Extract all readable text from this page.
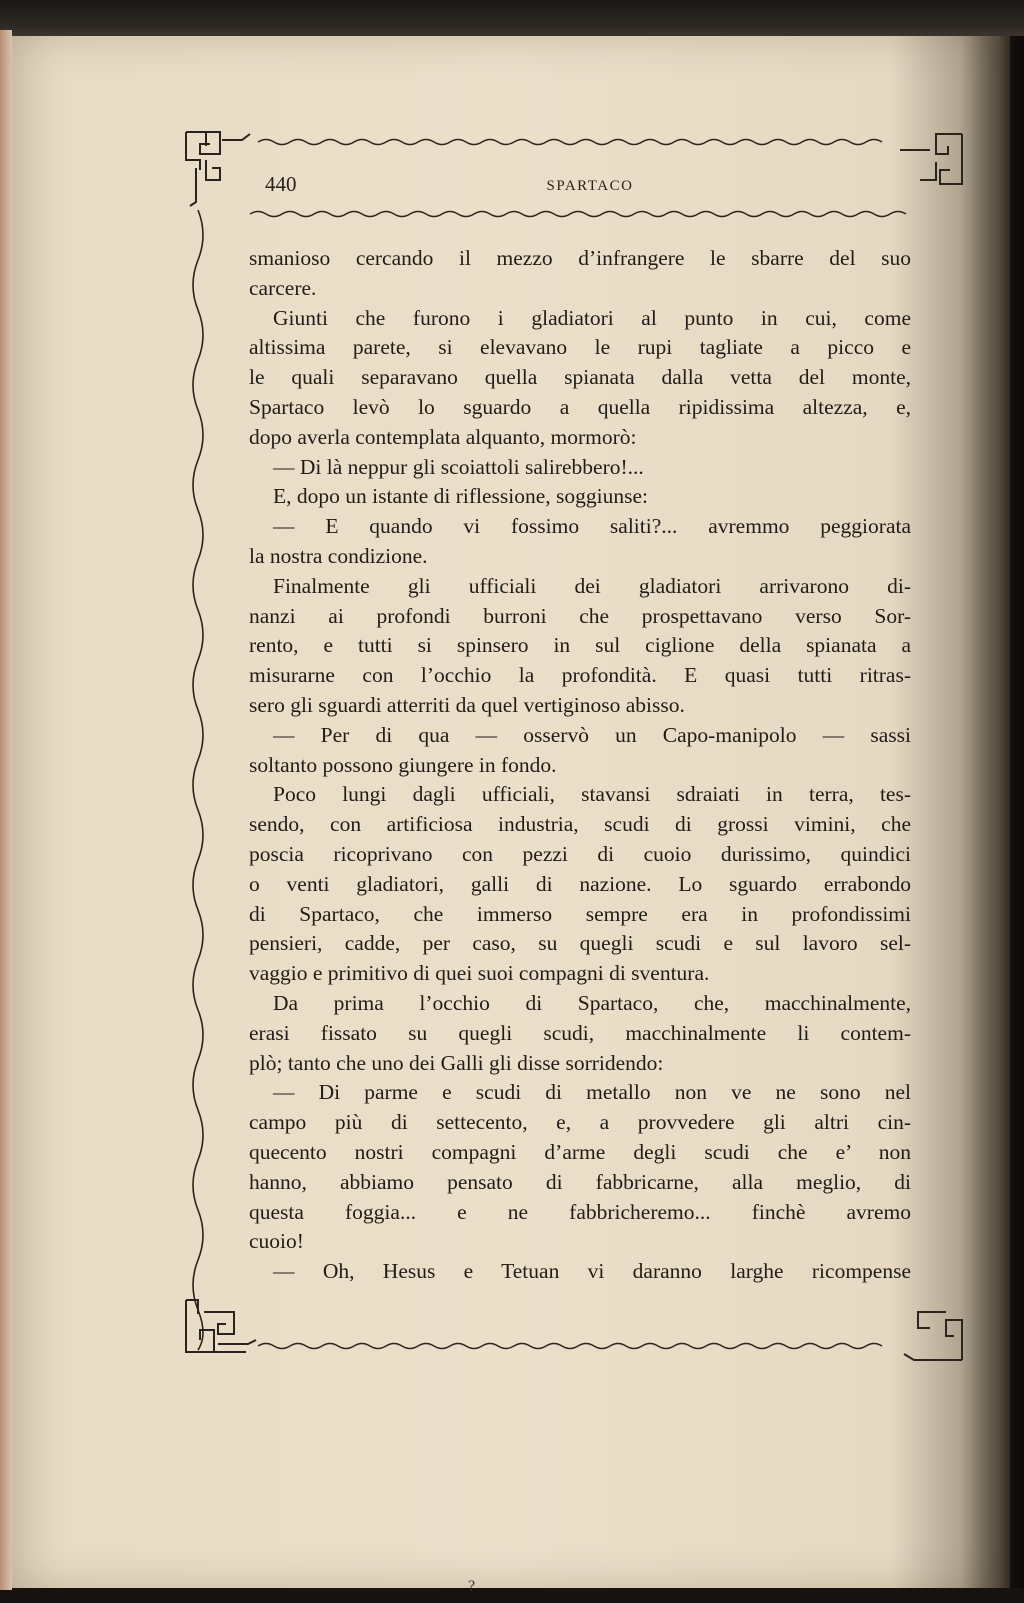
440	SPARTACO
smanioso cercando il mezzo d’infrangere le sbarre del suo
carcere.
Giunti che furono i gladiatori al punto in cui, come
altissima parete, si elevavano le rupi tagliate a picco e
le quali separavano quella spianata dalla vetta del monte,
Spartaco levò lo sguardo a quella ripidissima altezza, e,
dopo averla contemplata alquanto, mormorò:
— Di là neppur gli scoiattoli salirebbero!...
E, dopo un istante di riflessione, soggiunse:
— E quando vi fossimo saliti?... avremmo peggiorata
la nostra condizione.
Finalmente gli ufficiali dei gladiatori arrivarono di-
nanzi ai profondi burroni che prospettavano verso Sor-
rento, e tutti si spinsero in sul ciglione della spianata a
misurarne con l’occhio la profondità. E quasi tutti ritras-
sero gli sguardi atterriti da quel vertiginoso abisso.
— Per di qua — osservò un Capo-manipolo — sassi
soltanto possono giungere in fondo.
Poco lungi dagli ufficiali, stavansi sdraiati in terra, tes-
sendo, con artificiosa industria, scudi di grossi vimini, che
poscia ricoprivano con pezzi di cuoio durissimo, quindici
o venti gladiatori, galli di nazione. Lo sguardo errabondo
di Spartaco, che immerso sempre era in profondissimi
pensieri, cadde, per caso, su quegli scudi e sul lavoro sel-
vaggio e primitivo di quei suoi compagni di sventura.
Da prima l’occhio di Spartaco, che, macchinalmente,
erasi fissato su quegli scudi, macchinalmente li contem-
plò; tanto che uno dei Galli gli disse sorridendo:
— Di parme e scudi di metallo non ve ne sono nel
campo più di settecento, e, a provvedere gli altri cin-
quecento nostri compagni d’arme degli scudi che e’ non
hanno, abbiamo pensato di fabbricarne, alla meglio, di
questa foggia... e ne fabbricheremo... finchè avremo
cuoio!
— Oh, Hesus e Tetuan vi daranno larghe ricompense
?
